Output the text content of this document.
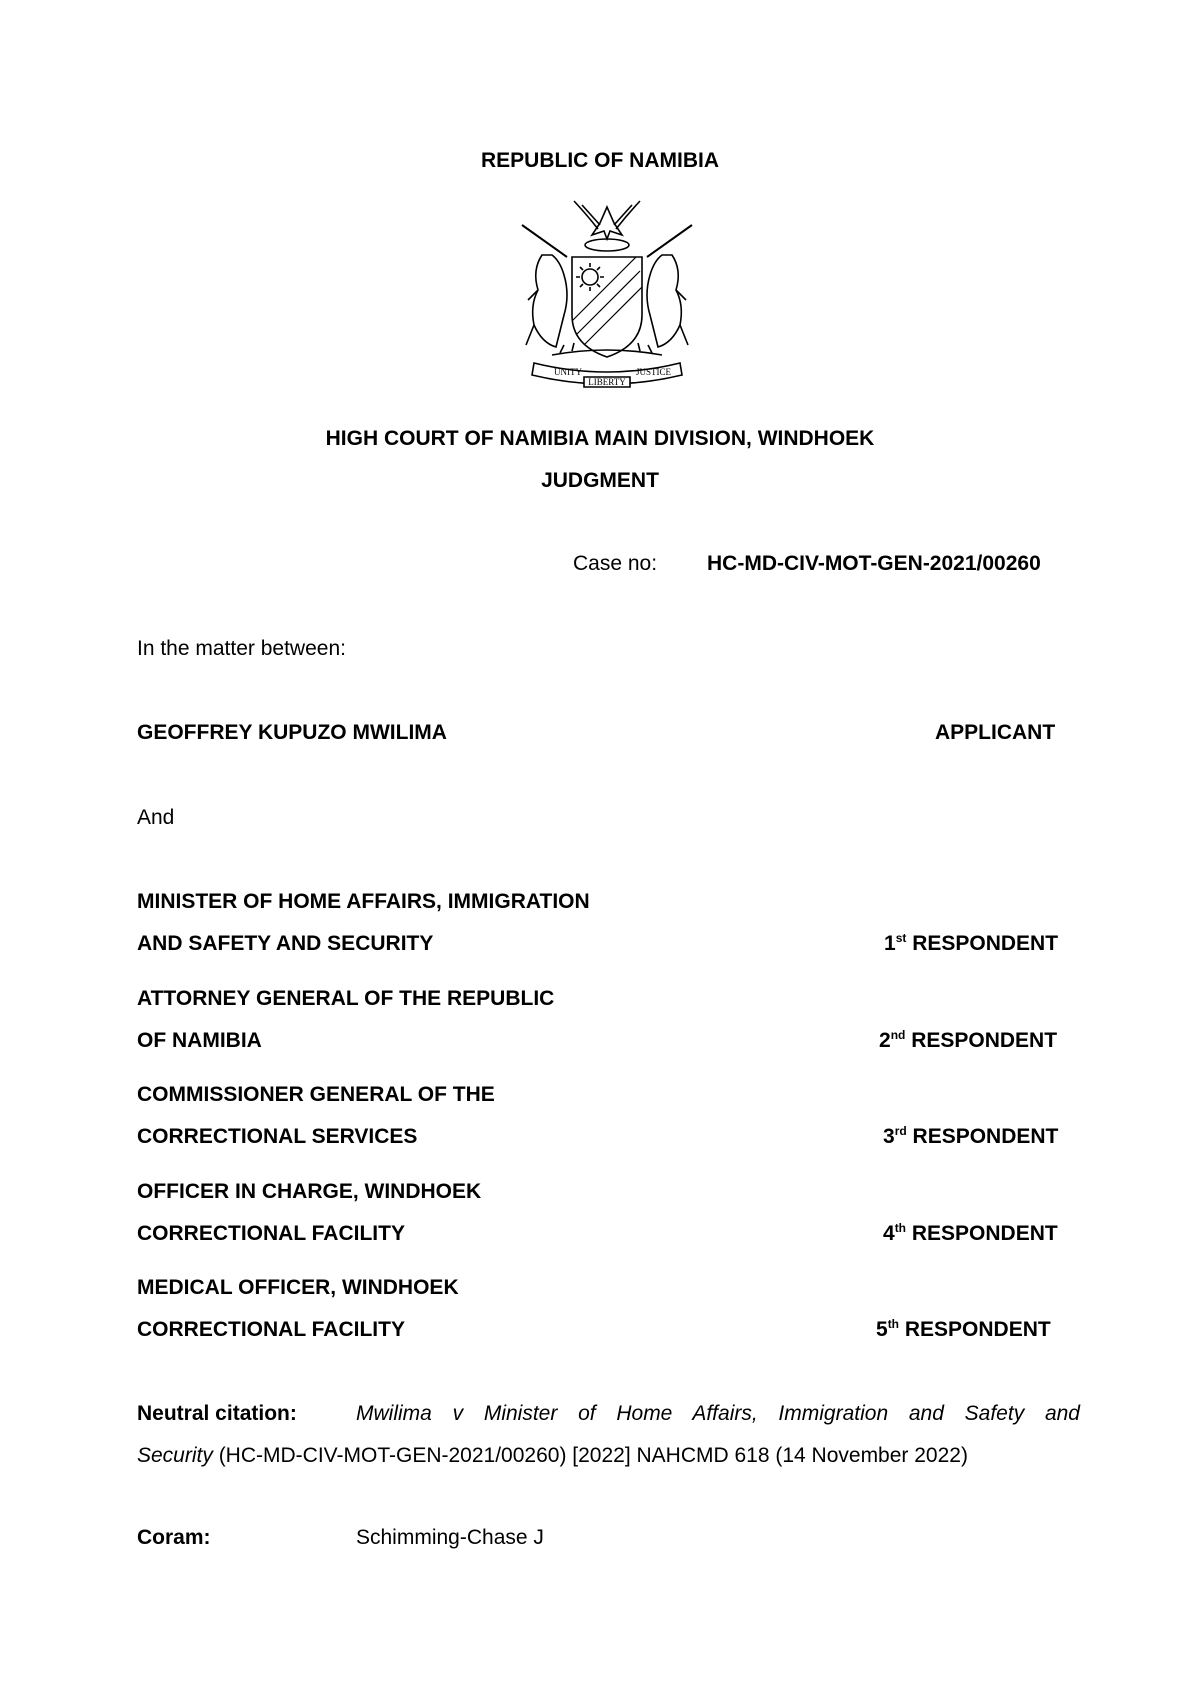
REPUBLIC OF NAMIBIA
UNITY
LIBERTY
JUSTICE
HIGH COURT OF NAMIBIA MAIN DIVISION, WINDHOEK
JUDGMENT
Case no: HC-MD-CIV-MOT-GEN-2021/00260
In the matter between:
GEOFFREY KUPUZO MWILIMA	APPLICANT
And
MINISTER OF HOME AFFAIRS, IMMIGRATION
AND SAFETY AND SECURITY	1st RESPONDENT
ATTORNEY GENERAL OF THE REPUBLIC
OF NAMIBIA	2nd RESPONDENT
COMMISSIONER GENERAL OF THE
CORRECTIONAL SERVICES	3rd RESPONDENT
OFFICER IN CHARGE, WINDHOEK
CORRECTIONAL FACILITY	4th RESPONDENT
MEDICAL OFFICER, WINDHOEK
CORRECTIONAL FACILITY	5th RESPONDENT
Neutral citation:	Mwilima v Minister of Home Affairs, Immigration and Safety and
Security (HC-MD-CIV-MOT-GEN-2021/00260) [2022] NAHCMD 618 (14 November 2022)
Coram:	Schimming-Chase J
